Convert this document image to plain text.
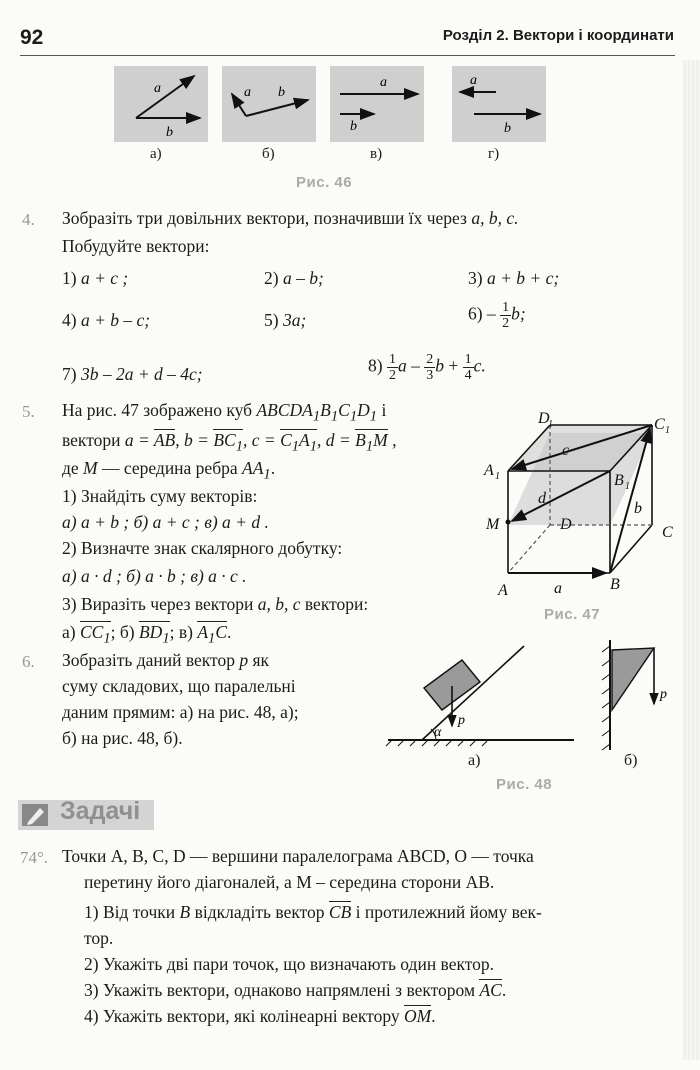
92	Розділ 2. Вектори і координати
a
b
a b
a
b
a
b
а)	б)	в)	г)
Рис. 46
4. Зобразіть три довільних вектори, позначивши їх через a, b, c.
Побудуйте вектори:
1) a + c ;	2) a – b;	3) a + b + c;
4) a + b – c;	5) 3a;	$6) - \frac{1}{2} b$;
7) 3b – 2a + d – 4c;	$8) \frac{1}{2}$ a – $\frac{2}{3}$ $b + \frac{1}{4} c$.
5. На рис. 47 зображено куб $ABCDA_1B_1C_1D_1$ і
вектори a = AB, $b = BC_1$, $c = C_1A_1$, $d = B_1M$ ,
де M — середина ребра $AA_1$.
1) Знайдіть суму векторів:
а) a + b ; б) a + c ; в) a + d .
2) Визначте знак скалярного добутку:
а) a · d ; б) a · b ; в) a · c .
3) Виразіть через вектори a, b, c вектори:
а) $CC_1$; б) $BD_1$; в) $A_1C$.
D
1	C 1
A 1	B 1
M	D
A	B
C
a
b
c
d
Рис. 47
6. Зобразіть даний вектор p як
суму складових, що паралельні
даним прямим: а) на рис. 48, а);
б) на рис. 48, б).	α
p
p
а)	б)
Рис. 48
Задачі
74°. Точки A, B, C, D — вершини паралелограма ABCD, O — точка
перетину його діагоналей, а M – середина сторони AB.
1) Від точки B відкладіть вектор CB і протилежний йому век-
тор.
2) Укажіть дві пари точок, що визначають один вектор.
3) Укажіть вектори, однаково напрямлені з вектором AC.
4) Укажіть вектори, які колінеарні вектору OM.
